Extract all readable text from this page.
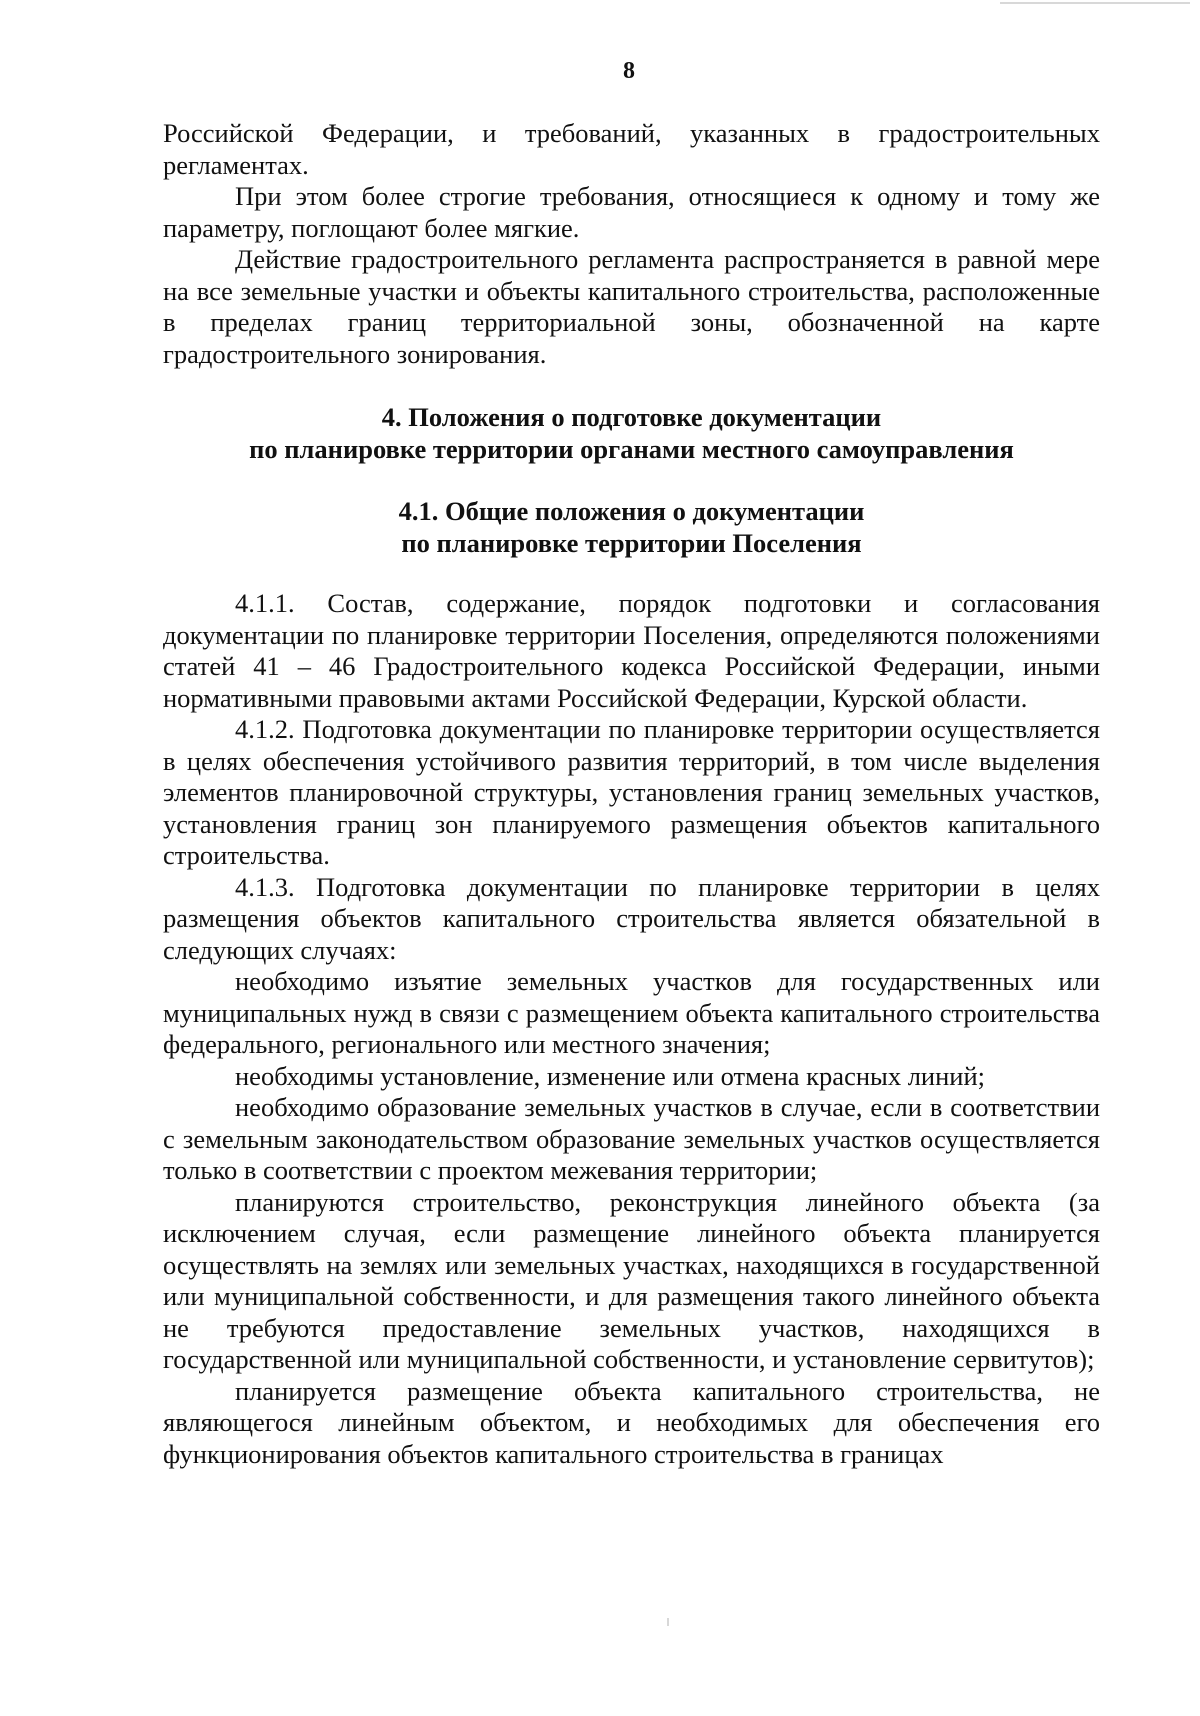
8

Российской Федерации, и требований, указанных в градостроительных регламентах.

При этом более строгие требования, относящиеся к одному и тому же параметру, поглощают более мягкие.

Действие градостроительного регламента распространяется в равной мере на все земельные участки и объекты капитального строительства, расположенные в пределах границ территориальной зоны, обозначенной на карте градостроительного зонирования.

4. Положения о подготовке документации
по планировке территории органами местного самоуправления
4.1. Общие положения о документации
по планировке территории Поселения

4.1.1. Состав, содержание, порядок подготовки и согласования документации по планировке территории Поселения, определяются положениями статей 41 – 46 Градостроительного кодекса Российской Федерации, иными нормативными правовыми актами Российской Федерации, Курской области.

4.1.2. Подготовка документации по планировке территории осуществляется в целях обеспечения устойчивого развития территорий, в том числе выделения элементов планировочной структуры, установления границ земельных участков, установления границ зон планируемого размещения объектов капитального строительства.

4.1.3. Подготовка документации по планировке территории в целях размещения объектов капитального строительства является обязательной в следующих случаях:

необходимо изъятие земельных участков для государственных или муниципальных нужд в связи с размещением объекта капитального строительства федерального, регионального или местного значения;

необходимы установление, изменение или отмена красных линий;

необходимо образование земельных участков в случае, если в соответствии с земельным законодательством образование земельных участков осуществляется только в соответствии с проектом межевания территории;

планируются строительство, реконструкция линейного объекта (за исключением случая, если размещение линейного объекта планируется осуществлять на землях или земельных участках, находящихся в государственной или муниципальной собственности, и для размещения такого линейного объекта не требуются предоставление земельных участков, находящихся в государственной или муниципальной собственности, и установление сервитутов);

планируется размещение объекта капитального строительства, не являющегося линейным объектом, и необходимых для обеспечения его функционирования объектов капитального строительства в границах
